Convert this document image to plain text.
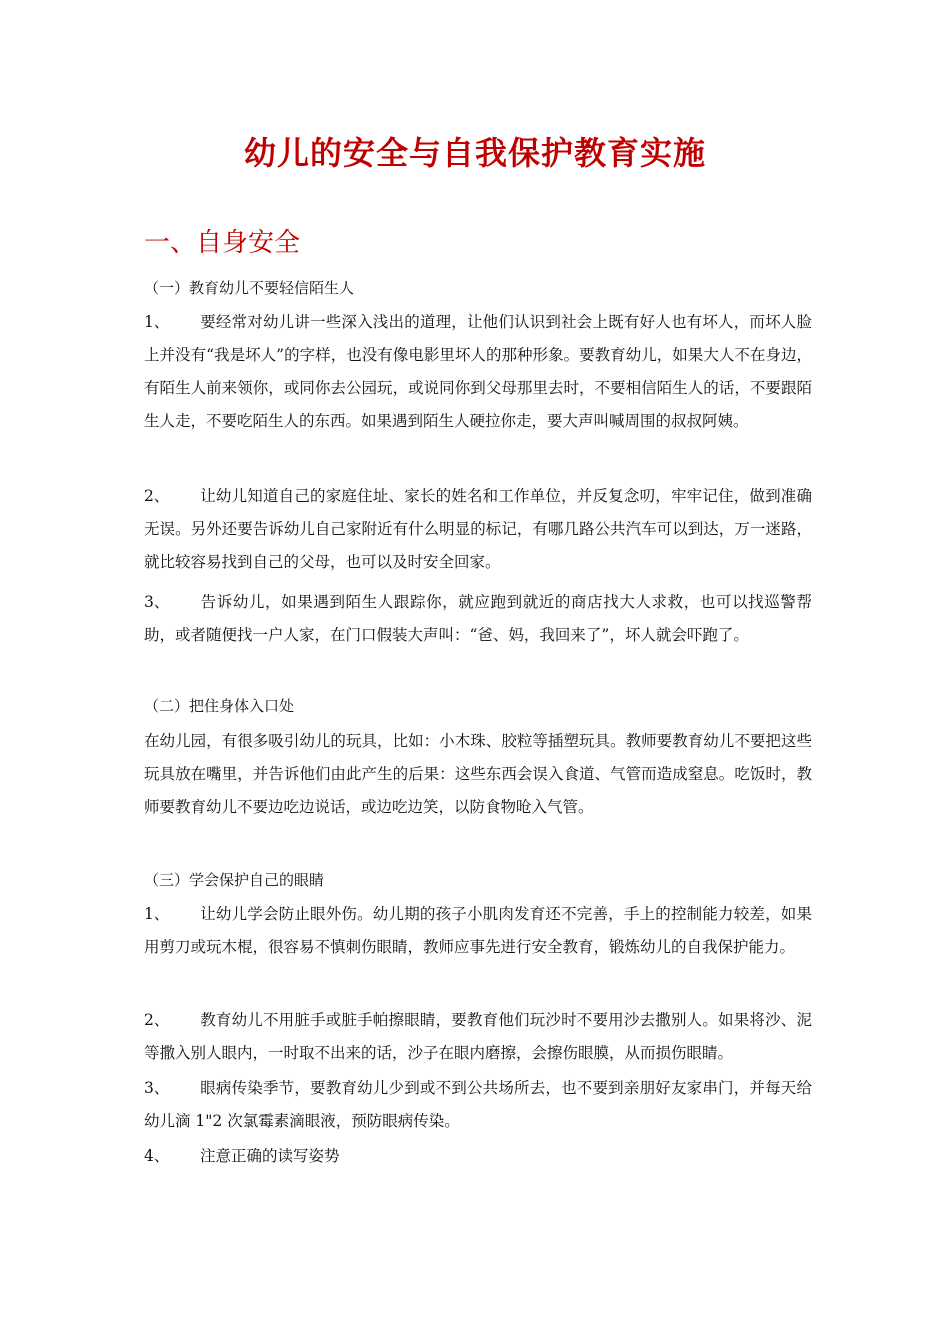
幼儿的安全与自我保护教育实施
一、自身安全
（一）教育幼儿不要轻信陌生人

1、 要经常对幼儿讲一些深入浅出的道理，让他们认识到社会上既有好人也有坏人，而坏人脸上并没有“我是坏人”的字样，也没有像电影里坏人的那种形象。要教育幼儿，如果大人不在身边，有陌生人前来领你，或同你去公园玩，或说同你到父母那里去时，不要相信陌生人的话，不要跟陌生人走，不要吃陌生人的东西。如果遇到陌生人硬拉你走，要大声叫喊周围的叔叔阿姨。

2、 让幼儿知道自己的家庭住址、家长的姓名和工作单位，并反复念叨，牢牢记住，做到准确无误。另外还要告诉幼儿自己家附近有什么明显的标记，有哪几路公共汽车可以到达，万一迷路，就比较容易找到自己的父母，也可以及时安全回家。

3、 告诉幼儿，如果遇到陌生人跟踪你，就应跑到就近的商店找大人求救，也可以找巡警帮助，或者随便找一户人家，在门口假装大声叫：“爸、妈，我回来了”，坏人就会吓跑了。

（二）把住身体入口处

在幼儿园，有很多吸引幼儿的玩具，比如：小木珠、胶粒等插塑玩具。教师要教育幼儿不要把这些玩具放在嘴里，并告诉他们由此产生的后果：这些东西会误入食道、气管而造成窒息。吃饭时，教师要教育幼儿不要边吃边说话，或边吃边笑，以防食物呛入气管。

（三）学会保护自己的眼睛

1、 让幼儿学会防止眼外伤。幼儿期的孩子小肌肉发育还不完善，手上的控制能力较差，如果用剪刀或玩木棍，很容易不慎刺伤眼睛，教师应事先进行安全教育，锻炼幼儿的自我保护能力。

2、 教育幼儿不用脏手或脏手帕擦眼睛，要教育他们玩沙时不要用沙去撒别人。如果将沙、泥等撒入别人眼内，一时取不出来的话，沙子在眼内磨擦，会擦伤眼膜，从而损伤眼睛。

3、 眼病传染季节，要教育幼儿少到或不到公共场所去，也不要到亲朋好友家串门，并每天给幼儿滴 1"2 次氯霉素滴眼液，预防眼病传染。

4、 注意正确的读写姿势
